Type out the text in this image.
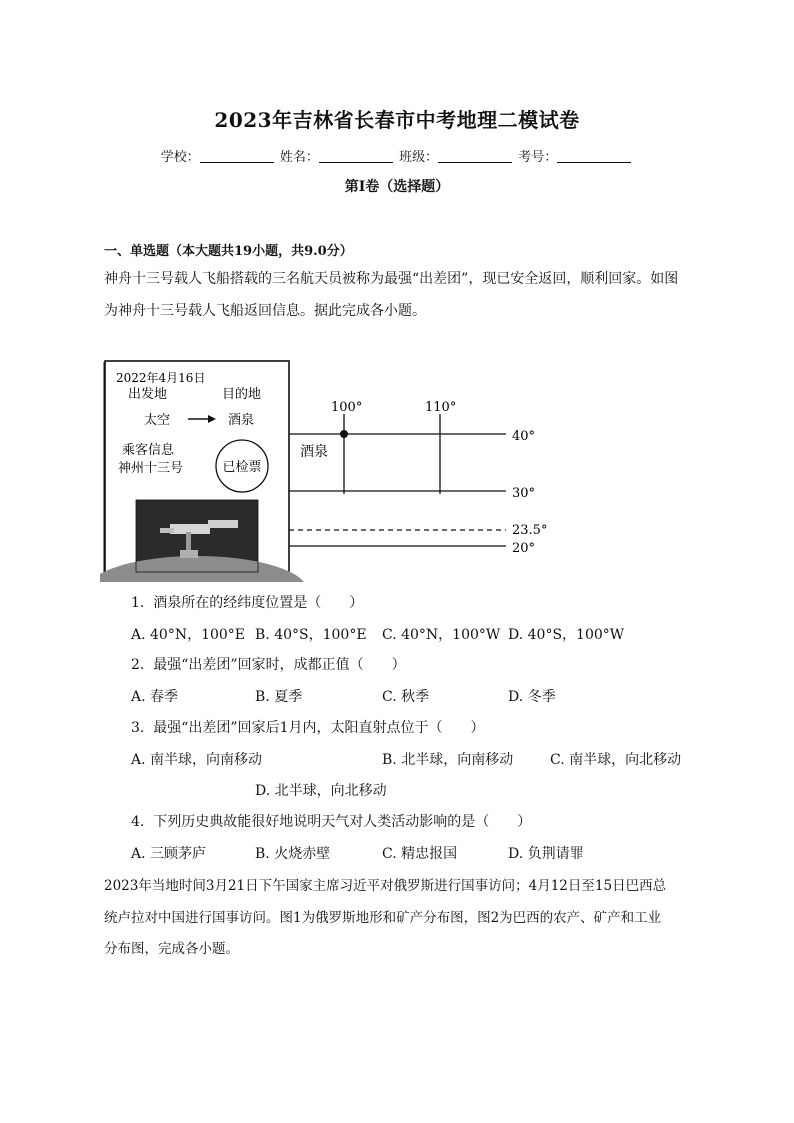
2023年吉林省长春市中考地理二模试卷
学校：	姓名：	班级：	考号：
第I卷（选择题）
一、单选题（本大题共19小题，共9.0分）
神舟十三号载人飞船搭载的三名航天员被称为最强“出差团”，现已安全返回，顺利回家。如图
为神舟十三号载人飞船返回信息。据此完成各小题。
2022年4月16日
出发地	目的地
太空	酒泉
乘客信息
神州十三号	已检票
100°	110°
酒泉
40°
30°
23.5°
20°
1. 酒泉所在的经纬度位置是（　　）
A. 40°N，100°E B. 40°S，100°E C. 40°N，100°W D. 40°S，100°W
2. 最强“出差团”回家时，成都正值（　　）
A. 春季	B. 夏季	C. 秋季	D. 冬季
3. 最强“出差团”回家后1月内，太阳直射点位于（　　）
A. 南半球，向南移动	B. 北半球，向南移动	C. 南半球，向北移动
D. 北半球，向北移动
4. 下列历史典故能很好地说明天气对人类活动影响的是（　　）
A. 三顾茅庐	B. 火烧赤壁	C. 精忠报国	D. 负荆请罪
2023年当地时间3月21日下午国家主席习近平对俄罗斯进行国事访问；4月12日至15日巴西总
统卢拉对中国进行国事访问。图1为俄罗斯地形和矿产分布图，图2为巴西的农产、矿产和工业
分布图，完成各小题。
